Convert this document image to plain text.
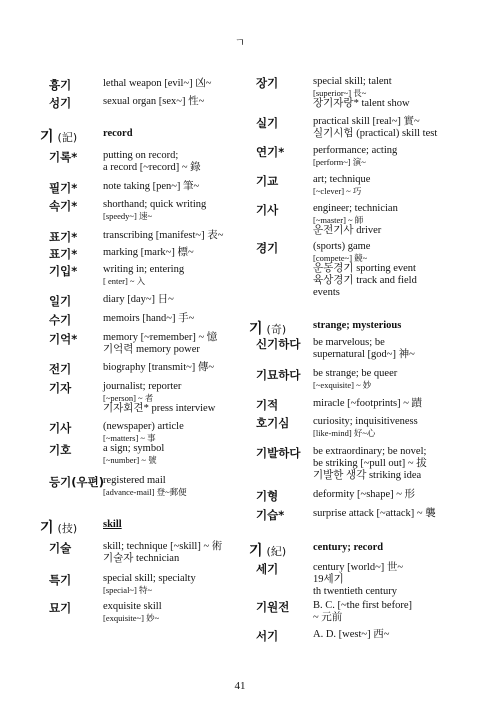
ㄱ
흉기	lethal weapon [evil~] 凶~
성기	sexual organ [sex~] 性~
기 (記) record
기록* putting on record;
a record [~record] ~ 錄
필기* note taking [pen~] 筆~
속기* shorthand; quick writing
[speedy~] 速~
표기* transcribing [manifest~] 表~
표기* marking [mark~] 標~
기입* writing in; entering
[ enter] ~ 入
일기	diary [day~] 日~
수기	memoirs [hand~] 手~
기억* memory [~remember] ~ 憶
기억력 memory power
전기	biography [transmit~] 傳~
기자	journalist; reporter
[~person] ~ 者
기자회견* press interview
기사	(newspaper) article
[~matters] ~ 事
기호	a sign; symbol
[~number] ~ 號
등기(우편) registered mail
[advance-mail] 登~郵便
기 (技) skill
기술	skill; technique [~skill] ~ 術
기술자 technician
특기	special skill; specialty
[special~] 特~
묘기	exquisite skill
[exquisite~] 妙~
장기	special skill; talent
[superior~] 長~
장기자랑* talent show
실기	practical skill [real~] 實~
실기시험 (practical) skill test
연기*	performance; acting
[perform~] 演~
기교	art; technique
[~clever] ~ 巧
기사	engineer; technician
[~master] ~ 師
운전기사 driver
경기	(sports) game
[compete~] 競~
운동경기 sporting event
육상경기 track and field
events
기 (奇)	strange; mysterious
신기하다 be marvelous; be
supernatural [god~] 神~
기묘하다 be strange; be queer
[~exquisite] ~ 妙
기적	miracle [~footprints] ~ 蹟
호기심 curiosity; inquisitiveness
[like-mind] 好~心
기발하다 be extraordinary; be novel;
be striking [~pull out] ~ 拔
기발한 생각 striking idea
기형	deformity [~shape] ~ 形
기습*	surprise attack [~attack] ~ 襲
기 (紀)	century; record
세기	century [world~] 世~
19세기
th twentieth century
기원전 B. C. [~the first before]
~ 元前
서기	A. D. [west~] 西~
41
